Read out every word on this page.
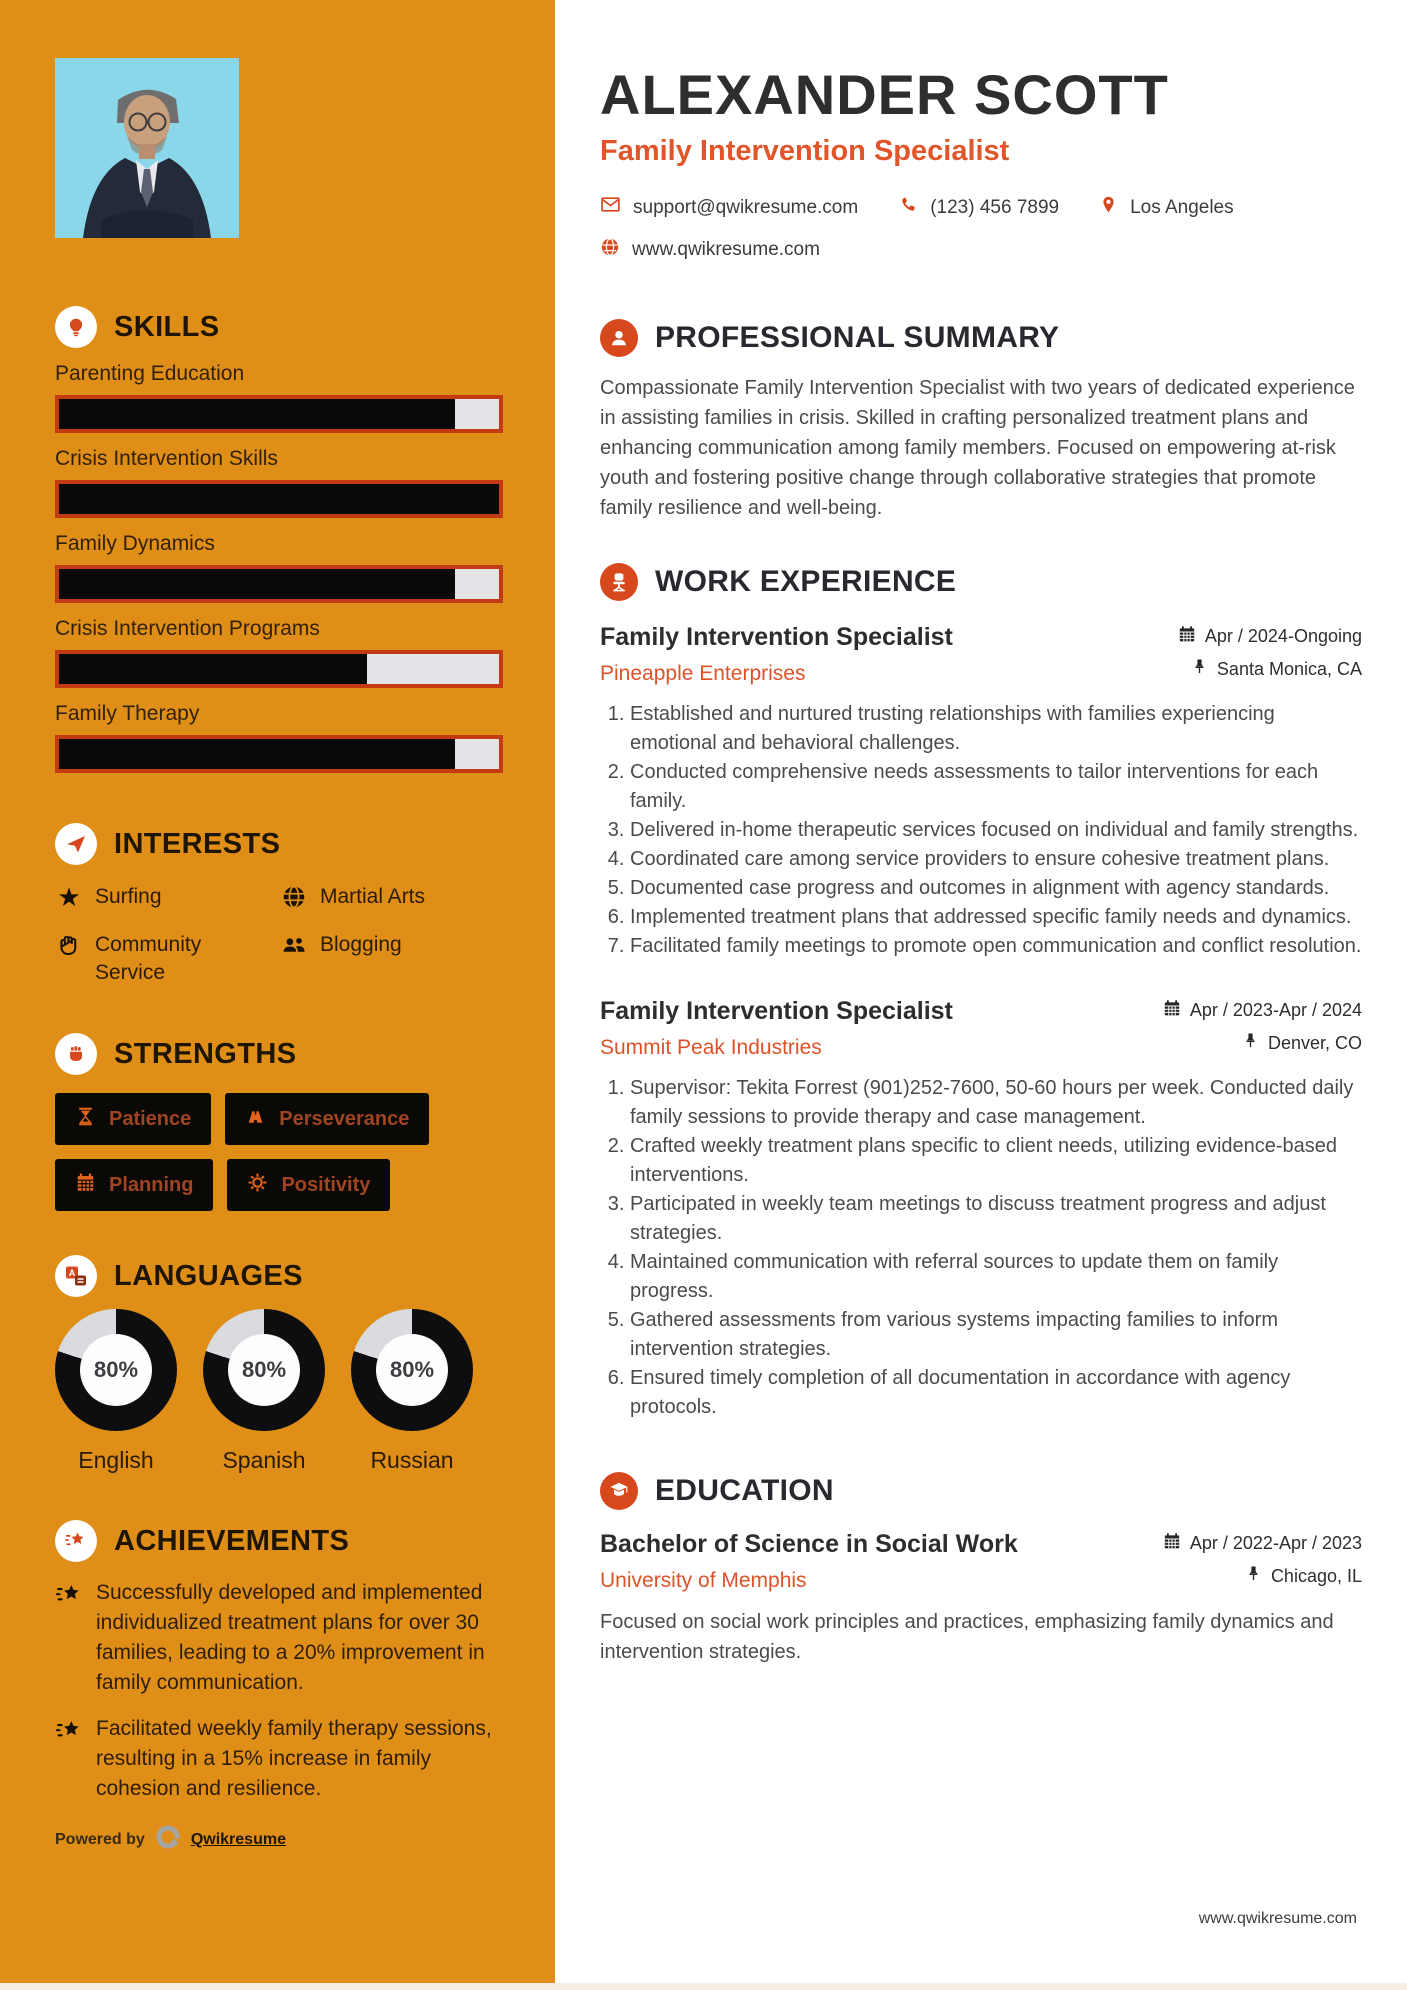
SKILLS
Parenting Education
Crisis Intervention Skills
Family Dynamics
Crisis Intervention Programs
Family Therapy
INTERESTS
★ Surfing	Martial Arts
Community Service
Blogging
STRENGTHS
Patience	Perseverance
Planning	Positivity
A LANGUAGES
80%
English
80%
Spanish
80%
Russian
ACHIEVEMENTS

Successfully developed and implemented individualized treatment plans for over 30 families, leading to a 20% improvement in family communication.

Facilitated weekly family therapy sessions, resulting in a 15% increase in family cohesion and resilience.

Powered by	Qwikresume
ALEXANDER SCOTT
Family Intervention Specialist
support@qwikresume.com	(123) 456 7899	Los Angeles
www.qwikresume.com
PROFESSIONAL SUMMARY

Compassionate Family Intervention Specialist with two years of dedicated experience in assisting families in crisis. Skilled in crafting personalized treatment plans and enhancing communication among family members. Focused on empowering at-risk youth and fostering positive change through collaborative strategies that promote family resilience and well-being.

WORK EXPERIENCE
Family Intervention Specialist
Pineapple Enterprises
Apr / 2024-Ongoing
Santa Monica, CA
1. Established and nurtured trusting relationships with families experiencing emotional and behavioral challenges.
2. Conducted comprehensive needs assessments to tailor interventions for each family.
3. Delivered in-home therapeutic services focused on individual and family strengths.
4. Coordinated care among service providers to ensure cohesive treatment plans.
5. Documented case progress and outcomes in alignment with agency standards.
6. Implemented treatment plans that addressed specific family needs and dynamics.
7. Facilitated family meetings to promote open communication and conflict resolution.
Family Intervention Specialist
Summit Peak Industries
Apr / 2023-Apr / 2024
Denver, CO
1. Supervisor: Tekita Forrest (901)252-7600, 50-60 hours per week. Conducted daily family sessions to provide therapy and case management.
2. Crafted weekly treatment plans specific to client needs, utilizing evidence-based interventions.
3. Participated in weekly team meetings to discuss treatment progress and adjust strategies.
4. Maintained communication with referral sources to update them on family progress.
5. Gathered assessments from various systems impacting families to inform intervention strategies.
6. Ensured timely completion of all documentation in accordance with agency protocols.
EDUCATION
Bachelor of Science in Social Work
University of Memphis
Apr / 2022-Apr / 2023
Chicago, IL

Focused on social work principles and practices, emphasizing family dynamics and intervention strategies.

www.qwikresume.com
